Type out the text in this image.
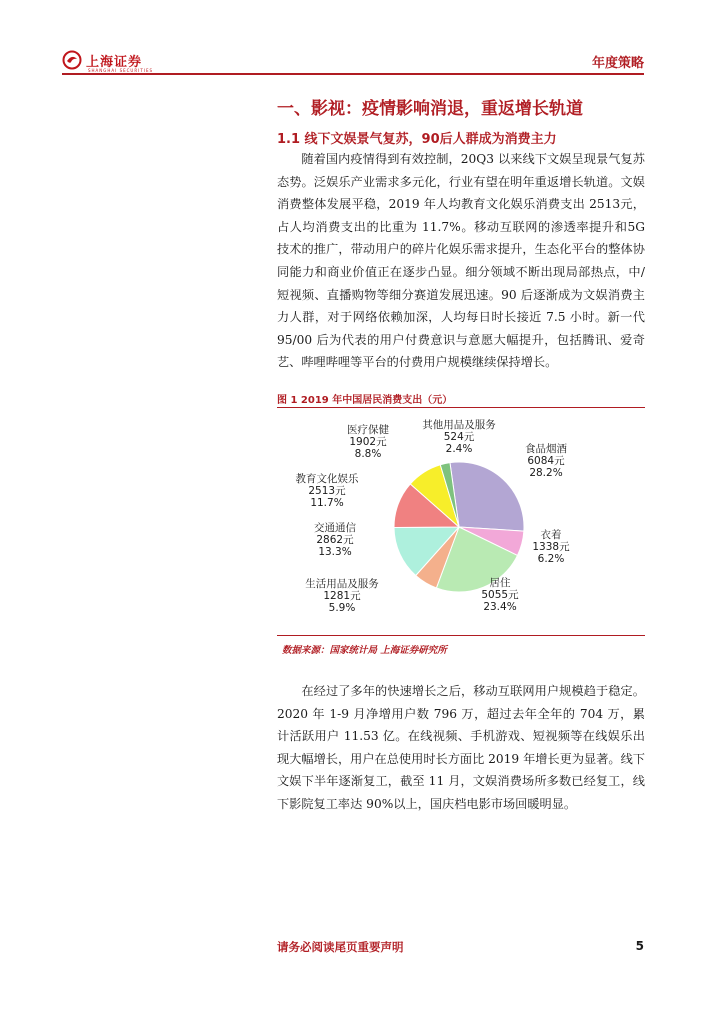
上海证券
SHANGHAI SECURITIES	年度策略
一、影视：疫情影响消退，重返增长轨道
1.1 线下文娱景气复苏，90后人群成为消费主力

随着国内疫情得到有效控制，20Q3 以来线下文娱呈现景气复苏态势。泛娱乐产业需求多元化，行业有望在明年重返增长轨道。文娱消费整体发展平稳，2019 年人均教育文化娱乐消费支出 2513元，占人均消费支出的比重为 11.7%。移动互联网的渗透率提升和5G 技术的推广，带动用户的碎片化娱乐需求提升，生态化平台的整体协同能力和商业价值正在逐步凸显。细分领域不断出现局部热点，中/短视频、直播购物等细分赛道发展迅速。90 后逐渐成为文娱消费主力人群，对于网络依赖加深，人均每日时长接近 7.5 小时。新一代 95/00 后为代表的用户付费意识与意愿大幅提升，包括腾讯、爱奇艺、哔哩哔哩等平台的付费用户规模继续保持增长。

图 1 2019 年中国居民消费支出（元）
食品烟酒 6084元 28.2%
衣着 1338元 6.2%
居住 5055元 23.4%
生活用品及服务 1281元 5.9%
交通通信 2862元 13.3%
教育文化娱乐 2513元 11.7%
医疗保健 1902元 8.8%
其他用品及服务 524元 2.4%
数据来源：国家统计局 上海证券研究所

在经过了多年的快速增长之后，移动互联网用户规模趋于稳定。2020 年 1-9 月净增用户数 796 万，超过去年全年的 704 万，累计活跃用户 11.53 亿。在线视频、手机游戏、短视频等在线娱乐出现大幅增长，用户在总使用时长方面比 2019 年增长更为显著。线下文娱下半年逐渐复工，截至 11 月，文娱消费场所多数已经复工，线下影院复工率达 90%以上，国庆档电影市场回暖明显。

请务必阅读尾页重要声明	5
